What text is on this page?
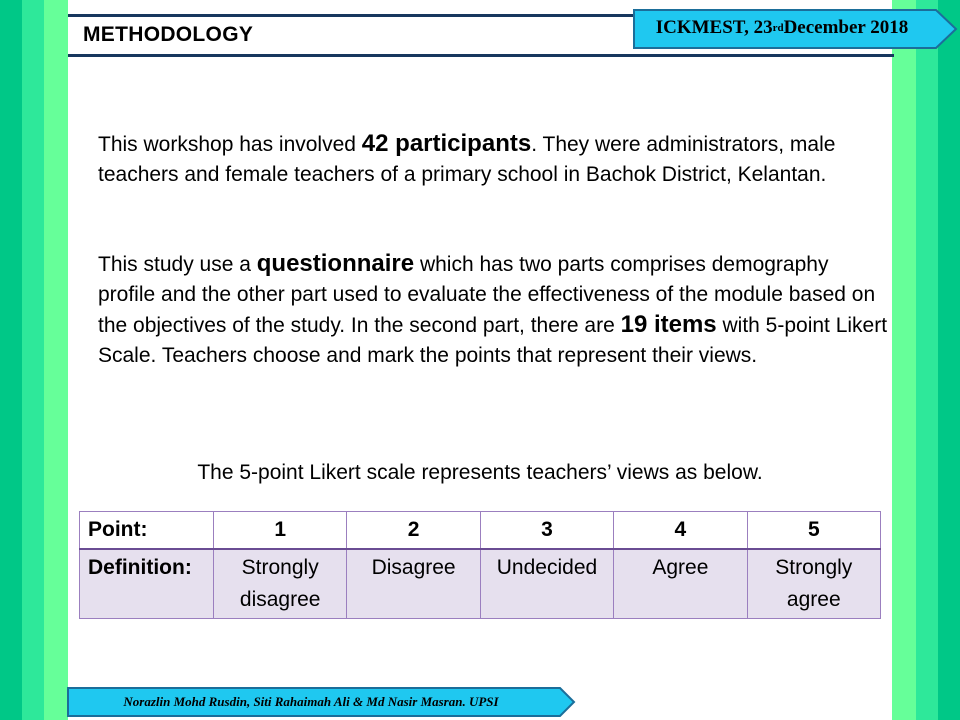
METHODOLOGY	ICKMEST, 23 rd December 2018
This workshop has involved 42 participants. They were administrators, male teachers and female teachers of a primary school in Bachok District, Kelantan.
This study use a questionnaire which has two parts comprises demography profile and the other part used to evaluate the effectiveness of the module based on the objectives of the study. In the second part, there are 19 items with 5-point Likert Scale. Teachers choose and mark the points that represent their views.
The 5-point Likert scale represents teachers’ views as below.
Point:	1	2	3	4	5
Definition:	Strongly disagree	Disagree	Undecided	Agree	Strongly agree
Norazlin Mohd Rusdin, Siti Rahaimah Ali & Md Nasir Masran. UPSI
